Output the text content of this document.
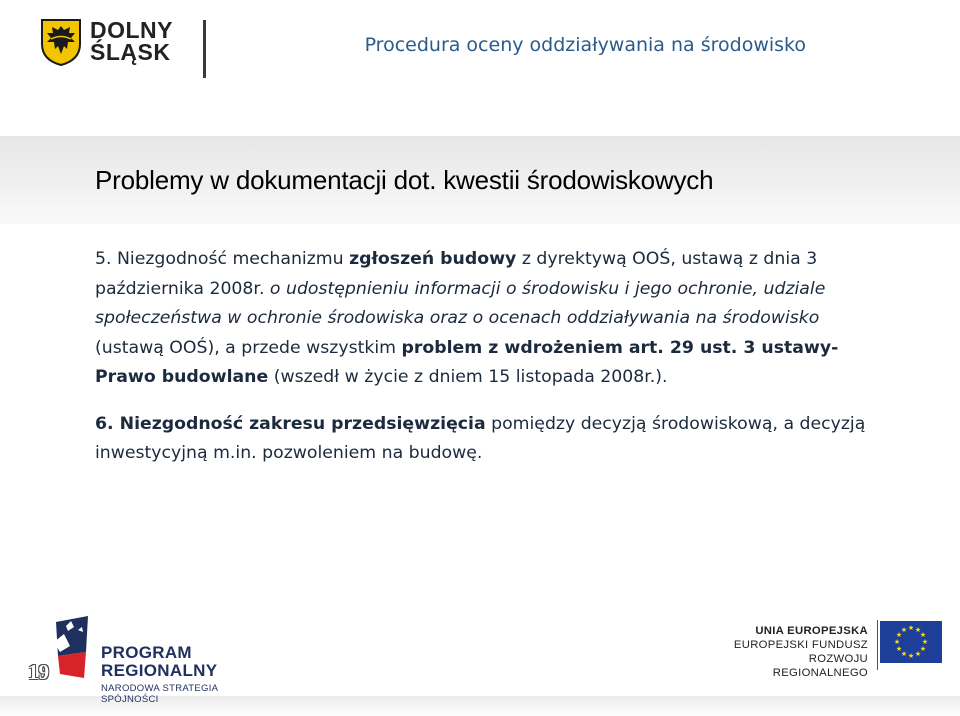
DOLNY
ŚLĄSK	Procedura oceny oddziaływania na środowisko
Problemy w dokumentacji dot. kwestii środowiskowych

5. Niezgodność mechanizmu zgłoszeń budowy z dyrektywą OOŚ, ustawą z dnia 3 października 2008r. o udostępnieniu informacji o środowisku i jego ochronie, udziale społeczeństwa w ochronie środowiska oraz o ocenach oddziaływania na środowisko (ustawą OOŚ), a przede wszystkim problem z wdrożeniem art. 29 ust. 3 ustawy-Prawo budowlane (wszedł w życie z dniem 15 listopada 2008r.).

6. Niezgodność zakresu przedsięwzięcia pomiędzy decyzją środowiskową, a decyzją inwestycyjną m.in. pozwoleniem na budowę.

19
PROGRAM
REGIONALNY
NARODOWA STRATEGIA SPÓJNOŚCI
UNIA EUROPEJSKA
EUROPEJSKI FUNDUSZ
ROZWOJU REGIONALNEGO
★ ★
★
★
★
★
★
★
★
★
★
★
